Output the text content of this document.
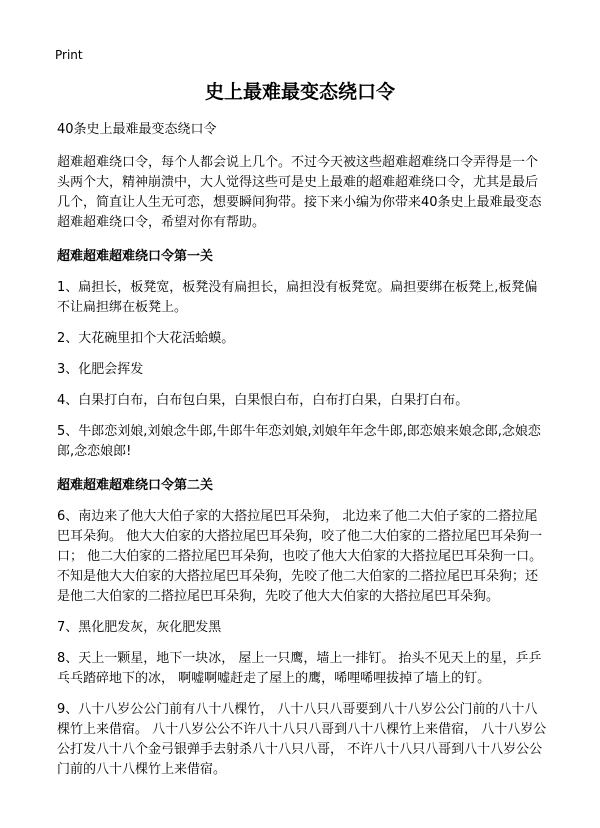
Print
史上最难最变态绕口令

40条史上最难最变态绕口令

超难超难绕口令，每个人都会说上几个。不过今天被这些超难超难绕口令弄得是一个头两个大，精神崩溃中，大人觉得这些可是史上最难的超难超难绕口令，尤其是最后几个，简直让人生无可恋，想要瞬间狗带。接下来小编为你带来40条史上最难最变态超难超难绕口令，希望对你有帮助。

超难超难超难绕口令第一关

1、扁担长，板凳宽，板凳没有扁担长，扁担没有板凳宽。扁担要绑在板凳上,板凳偏不让扁担绑在板凳上。

2、大花碗里扣个大花活蛤蟆。

3、化肥会挥发

4、白果打白布，白布包白果，白果恨白布，白布打白果，白果打白布。

5、牛郎恋刘娘,刘娘念牛郎,牛郎牛年恋刘娘,刘娘年年念牛郎,郎恋娘来娘念郎,念娘恋郎,念恋娘郎!

超难超难超难绕口令第二关

6、南边来了他大大伯子家的大搭拉尾巴耳朵狗， 北边来了他二大伯子家的二搭拉尾巴耳朵狗。 他大大伯家的大搭拉尾巴耳朵狗，咬了他二大伯家的二搭拉尾巴耳朵狗一口； 他二大伯家的二搭拉尾巴耳朵狗，也咬了他大大伯家的大搭拉尾巴耳朵狗一口。不知是他大大伯家的大搭拉尾巴耳朵狗，先咬了他二大伯家的二搭拉尾巴耳朵狗；还是他二大伯家的二搭拉尾巴耳朵狗，先咬了他大大伯家的大搭拉尾巴耳朵狗。

7、黑化肥发灰，灰化肥发黑

8、天上一颗星，地下一块冰， 屋上一只鹰，墙上一排钉。 抬头不见天上的星，乒乒乓乓踏碎地下的冰， 啊嘘啊嘘赶走了屋上的鹰，唏哩唏哩拔掉了墙上的钉。

9、八十八岁公公门前有八十八棵竹， 八十八只八哥要到八十八岁公公门前的八十八棵竹上来借宿。 八十八岁公公不许八十八只八哥到八十八棵竹上来借宿， 八十八岁公公打发八十八个金弓银弹手去射杀八十八只八哥， 不许八十八只八哥到八十八岁公公门前的八十八棵竹上来借宿。
